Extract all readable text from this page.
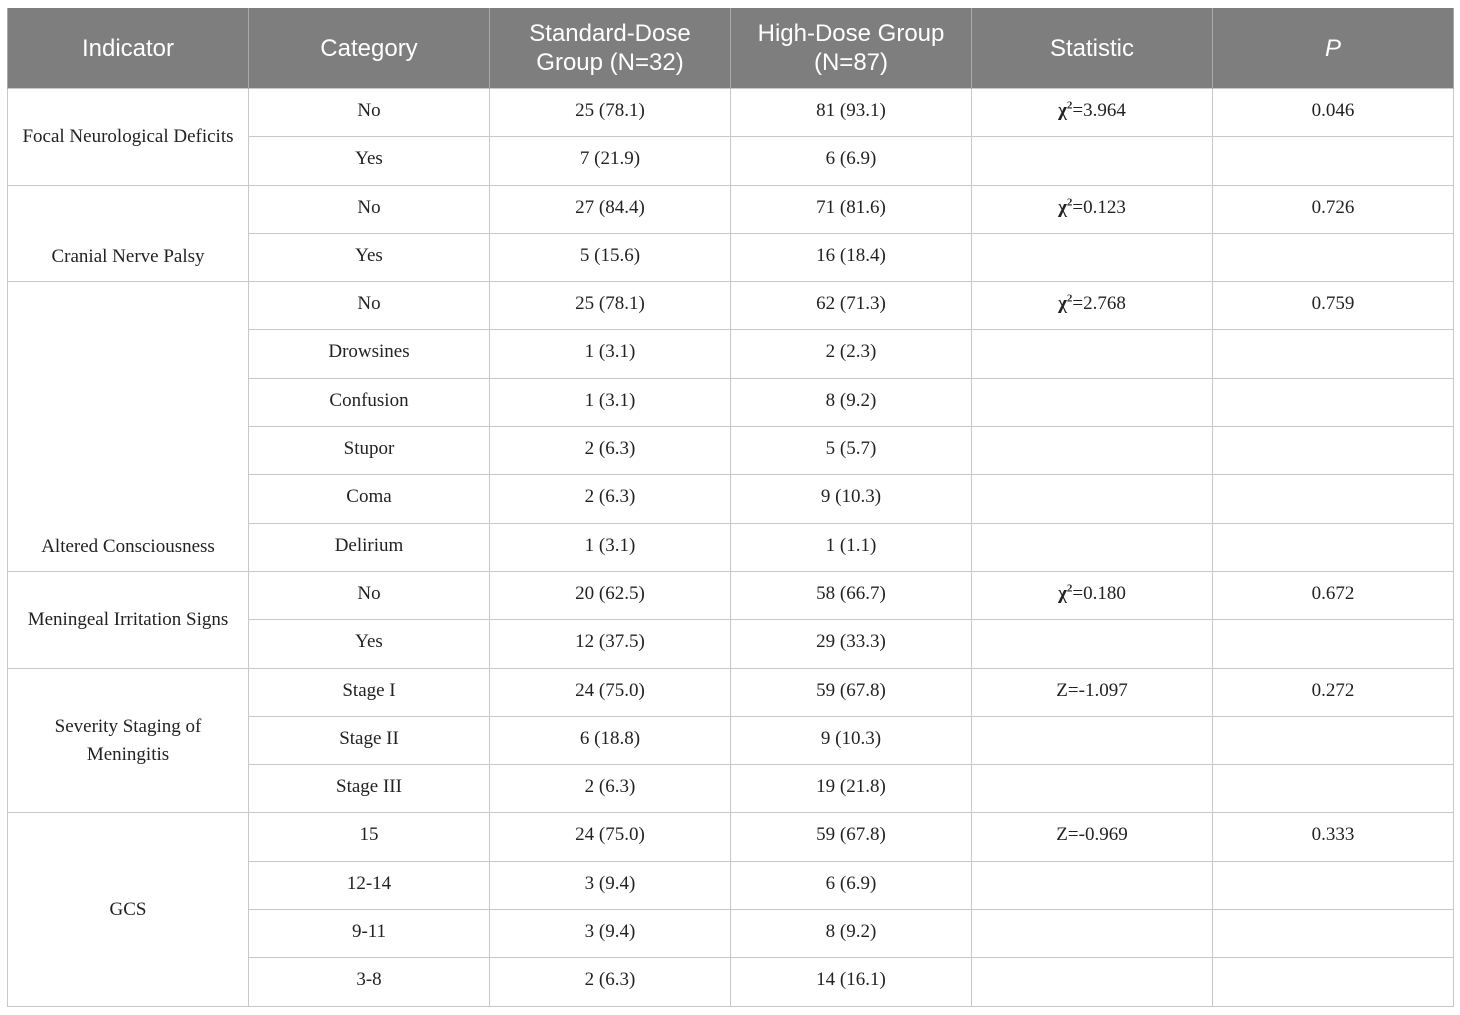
Indicator	Category	Standard-Dose Group (N=32)	High-Dose Group (N=87)	Statistic	P
Focal Neurological Deficits	No	25 (78.1)	81 (93.1)	$\chi^2=3.964$	0.046
	Yes	7 (21.9)	6 (6.9)		
Cranial Nerve Palsy	No	27 (84.4)	71 (81.6)	$\chi^2=0.123$	0.726
	Yes	5 (15.6)	16 (18.4)		
Altered Consciousness	No	25 (78.1)	62 (71.3)	$\chi^2=2.768$	0.759
	Drowsines	1 (3.1)	2 (2.3)		
	Confusion	1 (3.1)	8 (9.2)		
	Stupor	2 (6.3)	5 (5.7)		
	Coma	2 (6.3)	9 (10.3)		
	Delirium	1 (3.1)	1 (1.1)		
Meningeal Irritation Signs	No	20 (62.5)	58 (66.7)	$\chi^2=0.180$	0.672
	Yes	12 (37.5)	29 (33.3)		
Severity Staging of Meningitis	Stage I	24 (75.0)	59 (67.8)	Z=-1.097	0.272
	Stage II	6 (18.8)	9 (10.3)		
	Stage III	2 (6.3)	19 (21.8)		
GCS	15	24 (75.0)	59 (67.8)	Z=-0.969	0.333
	12-14	3 (9.4)	6 (6.9)		
	9-11	3 (9.4)	8 (9.2)		
	3-8	2 (6.3)	14 (16.1)		
